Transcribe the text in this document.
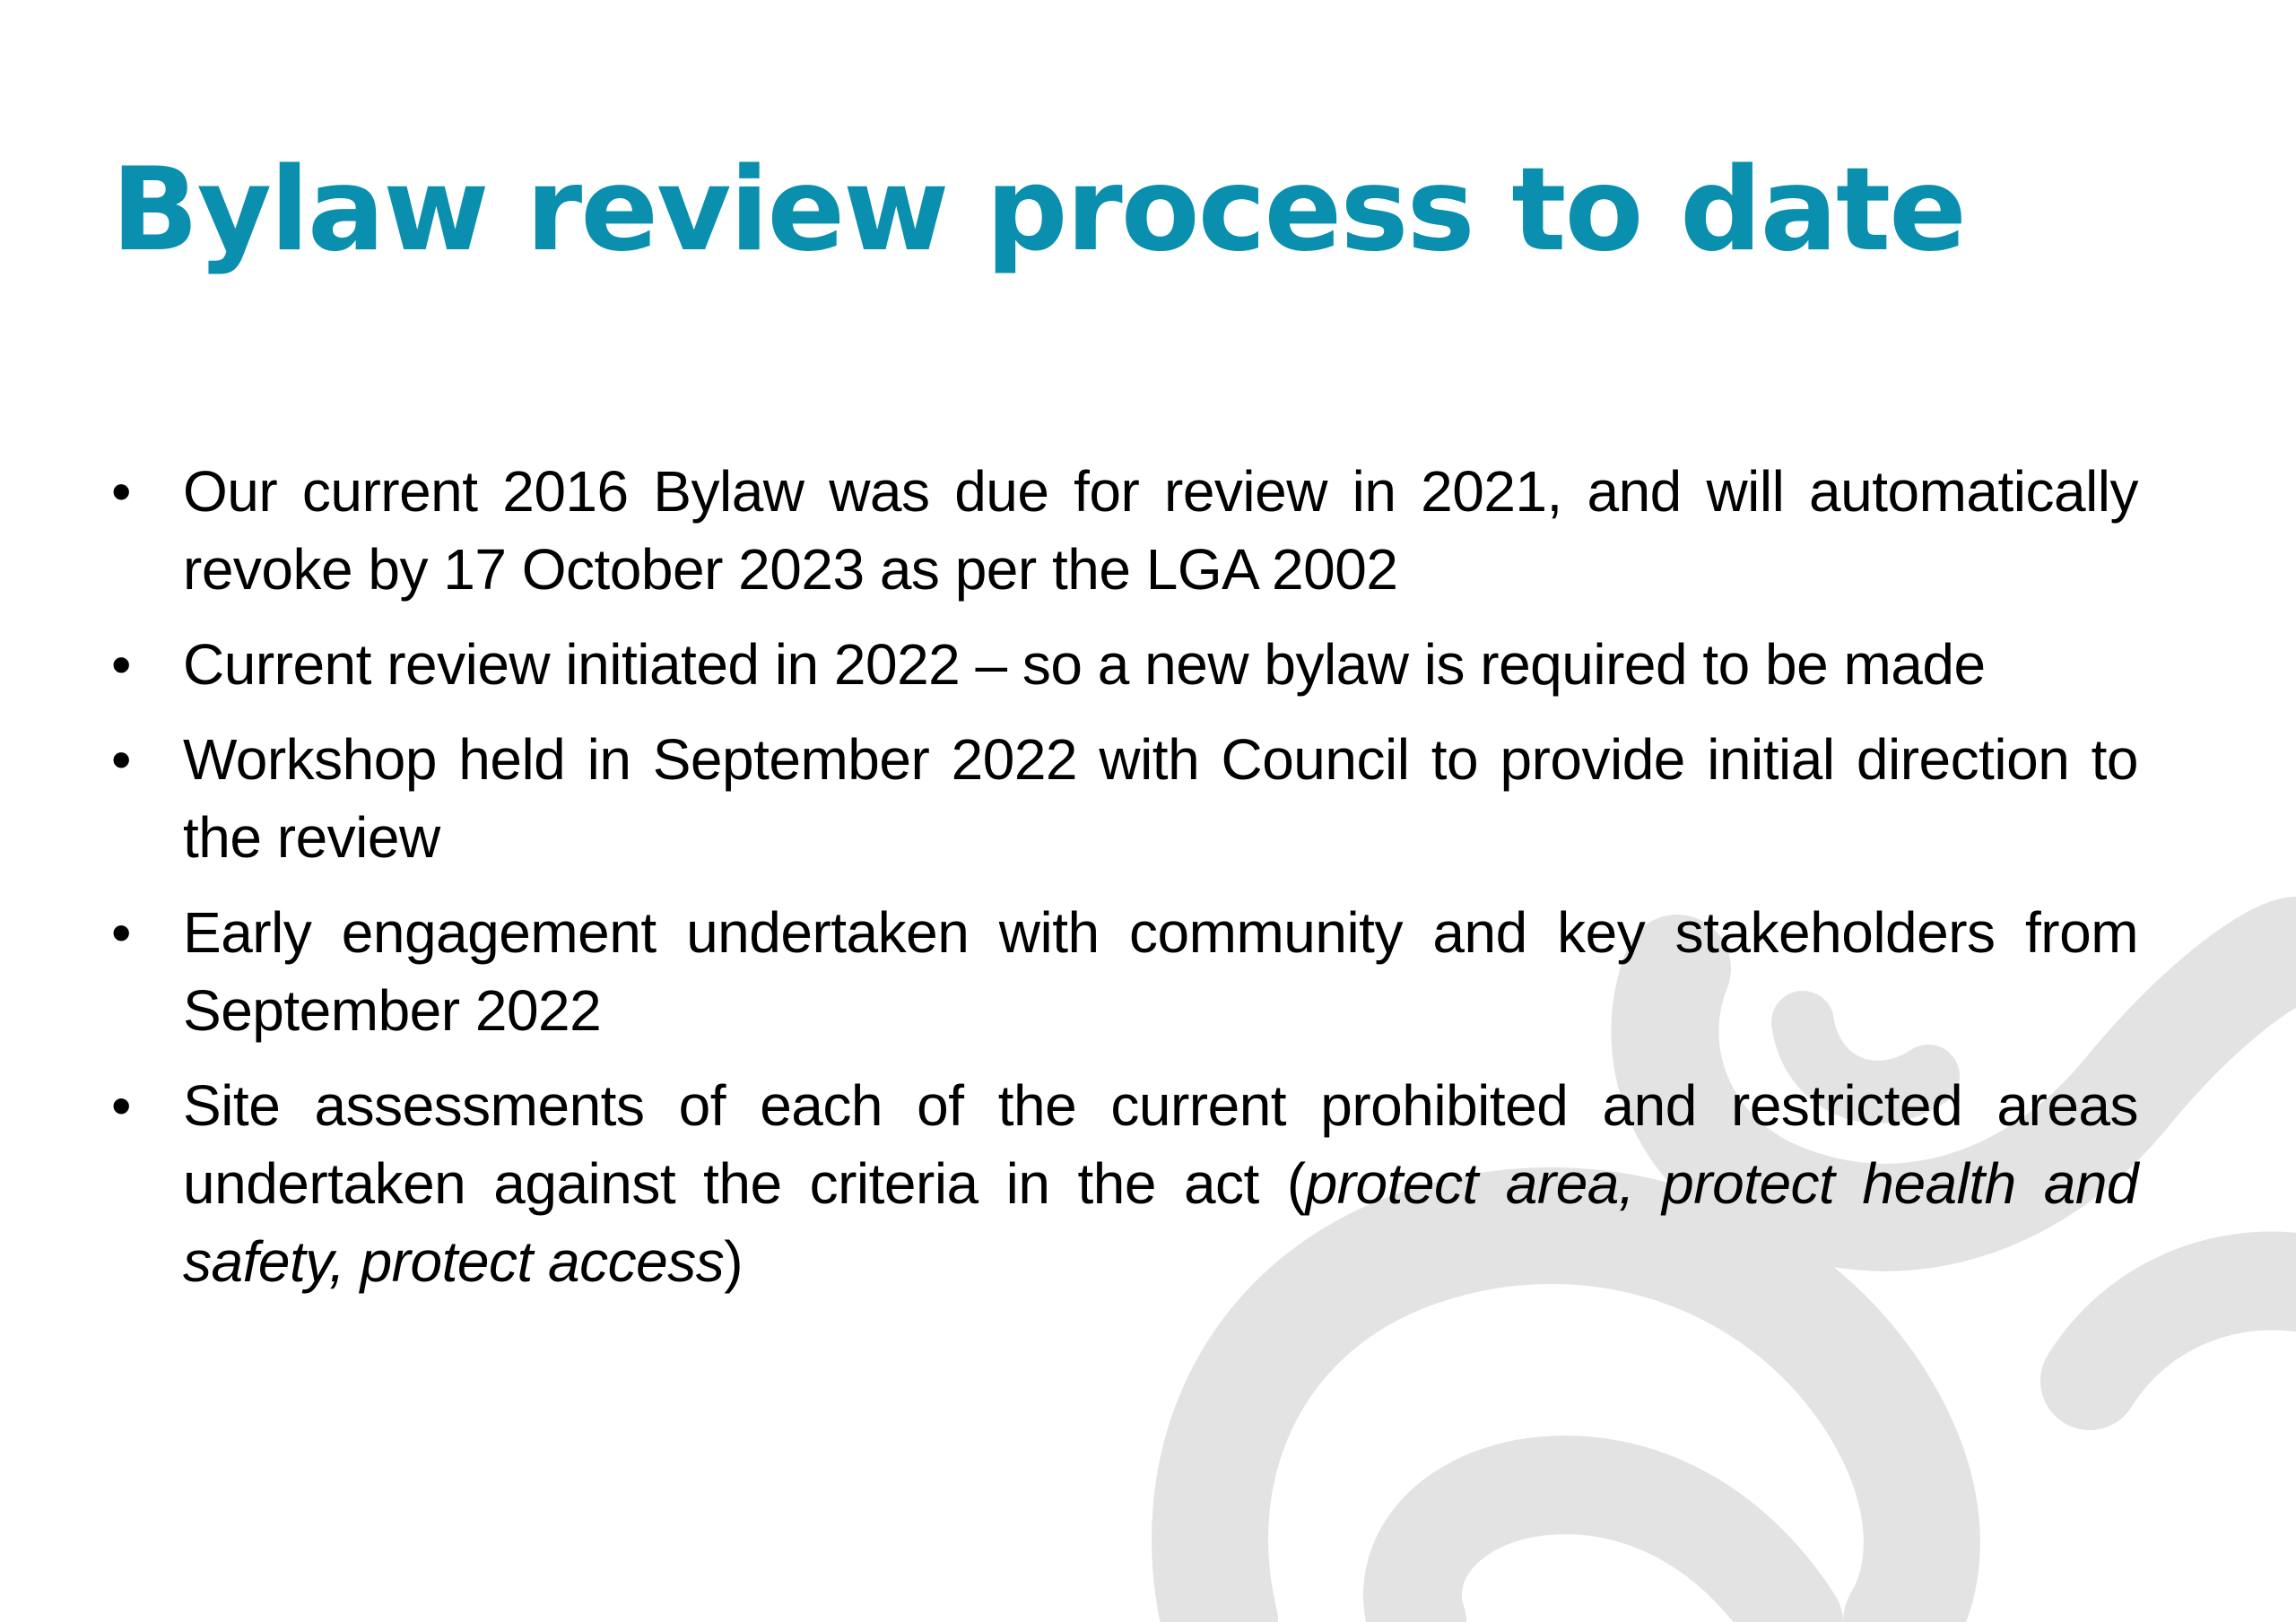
Bylaw review process to date
• Our current 2016 Bylaw was due for review in 2021, and will automatically revoke by 17 October 2023 as per the LGA 2002
• Current review initiated in 2022 – so a new bylaw is required to be made
• Workshop held in September 2022 with Council to provide initial direction to the review
• Early engagement undertaken with community and key stakeholders from September 2022
• Site assessments of each of the current prohibited and restricted areas undertaken against the criteria in the act (protect area, protect health and safety, protect access)
